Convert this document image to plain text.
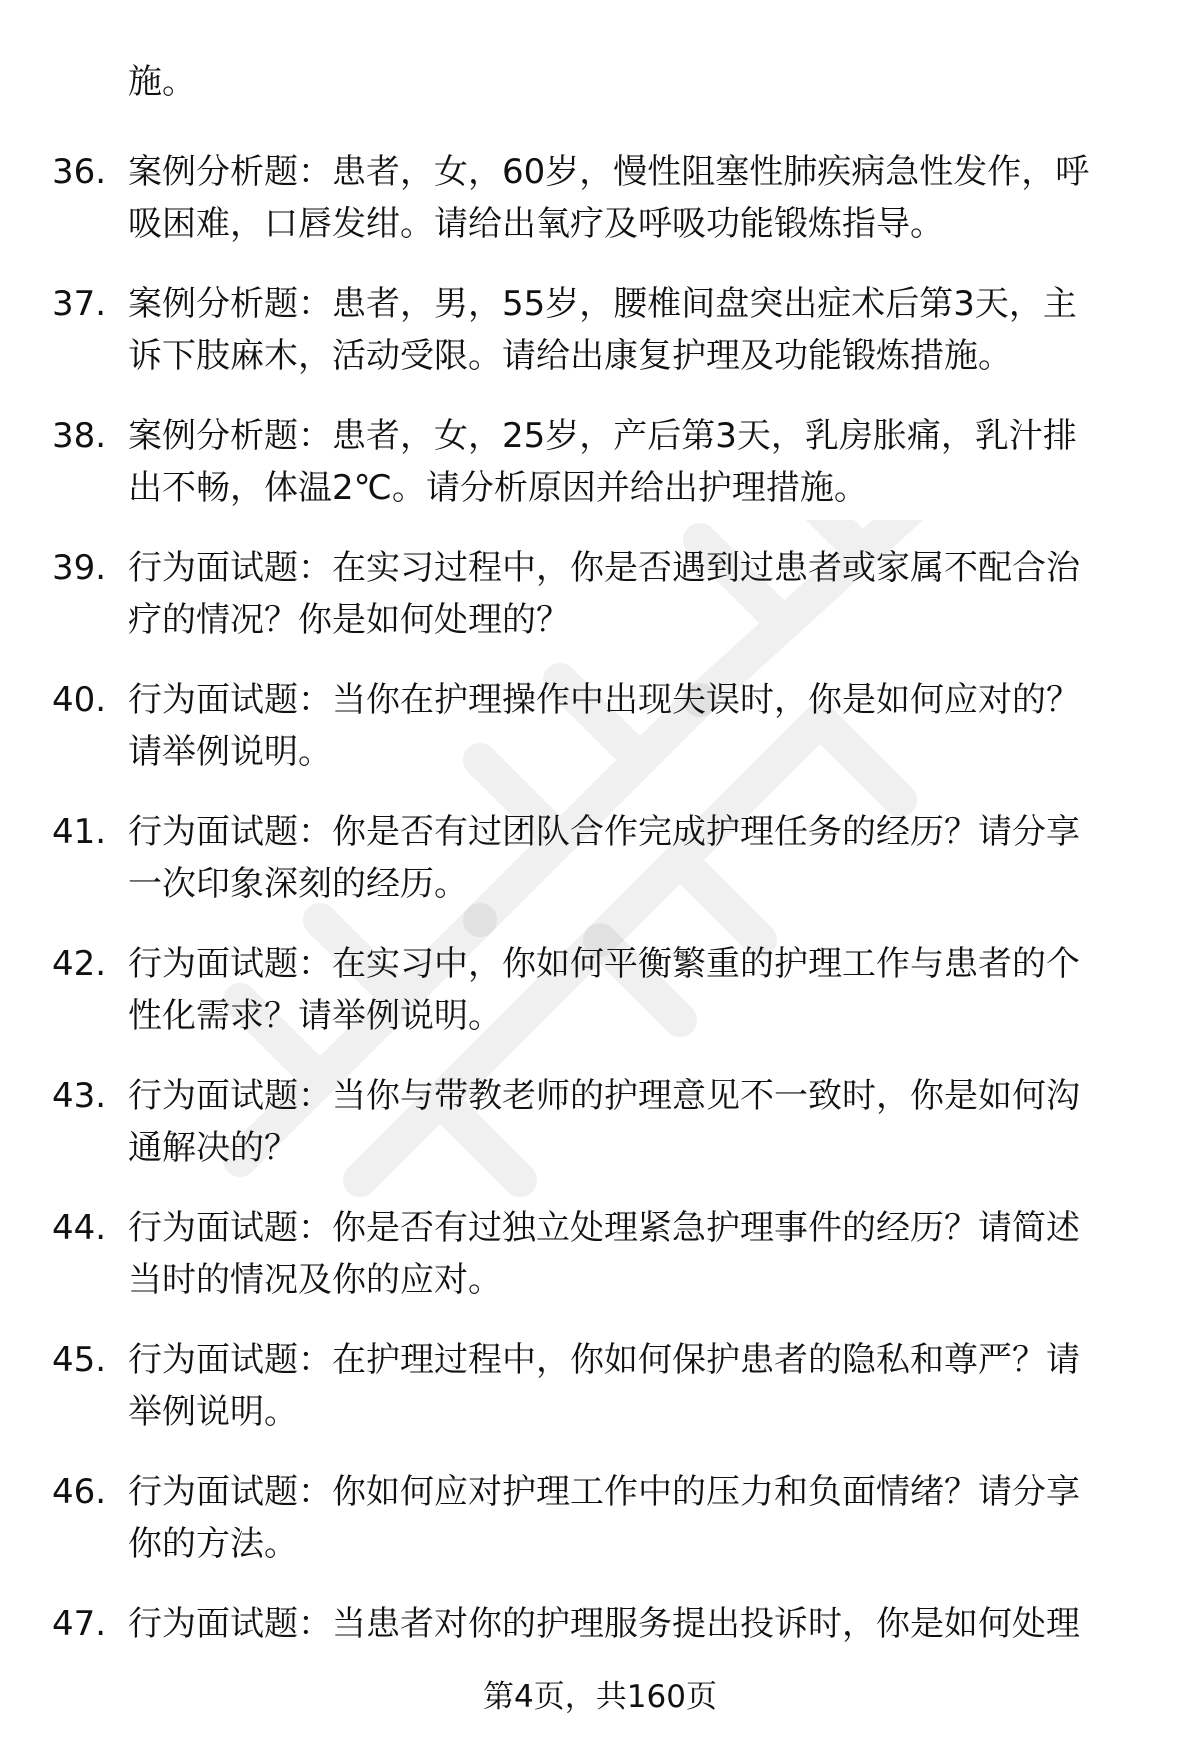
施。
36. 案例分析题：患者，女，60岁，慢性阻塞性肺疾病急性发作，呼
吸困难，口唇发绀。请给出氧疗及呼吸功能锻炼指导。
37. 案例分析题：患者，男，55岁，腰椎间盘突出症术后第3天，主
诉下肢麻木，活动受限。请给出康复护理及功能锻炼措施。
38. 案例分析题：患者，女，25岁，产后第3天，乳房胀痛，乳汁排
出不畅，体温2℃。请分析原因并给出护理措施。
39. 行为面试题：在实习过程中，你是否遇到过患者或家属不配合治
疗的情况？你是如何处理的？
40. 行为面试题：当你在护理操作中出现失误时，你是如何应对的？
请举例说明。
41. 行为面试题：你是否有过团队合作完成护理任务的经历？请分享
一次印象深刻的经历。
42. 行为面试题：在实习中，你如何平衡繁重的护理工作与患者的个
性化需求？请举例说明。
43. 行为面试题：当你与带教老师的护理意见不一致时，你是如何沟
通解决的？
44. 行为面试题：你是否有过独立处理紧急护理事件的经历？请简述
当时的情况及你的应对。
45. 行为面试题：在护理过程中，你如何保护患者的隐私和尊严？请
举例说明。
46. 行为面试题：你如何应对护理工作中的压力和负面情绪？请分享
你的方法。
47. 行为面试题：当患者对你的护理服务提出投诉时，你是如何处理
第4页，共160页
